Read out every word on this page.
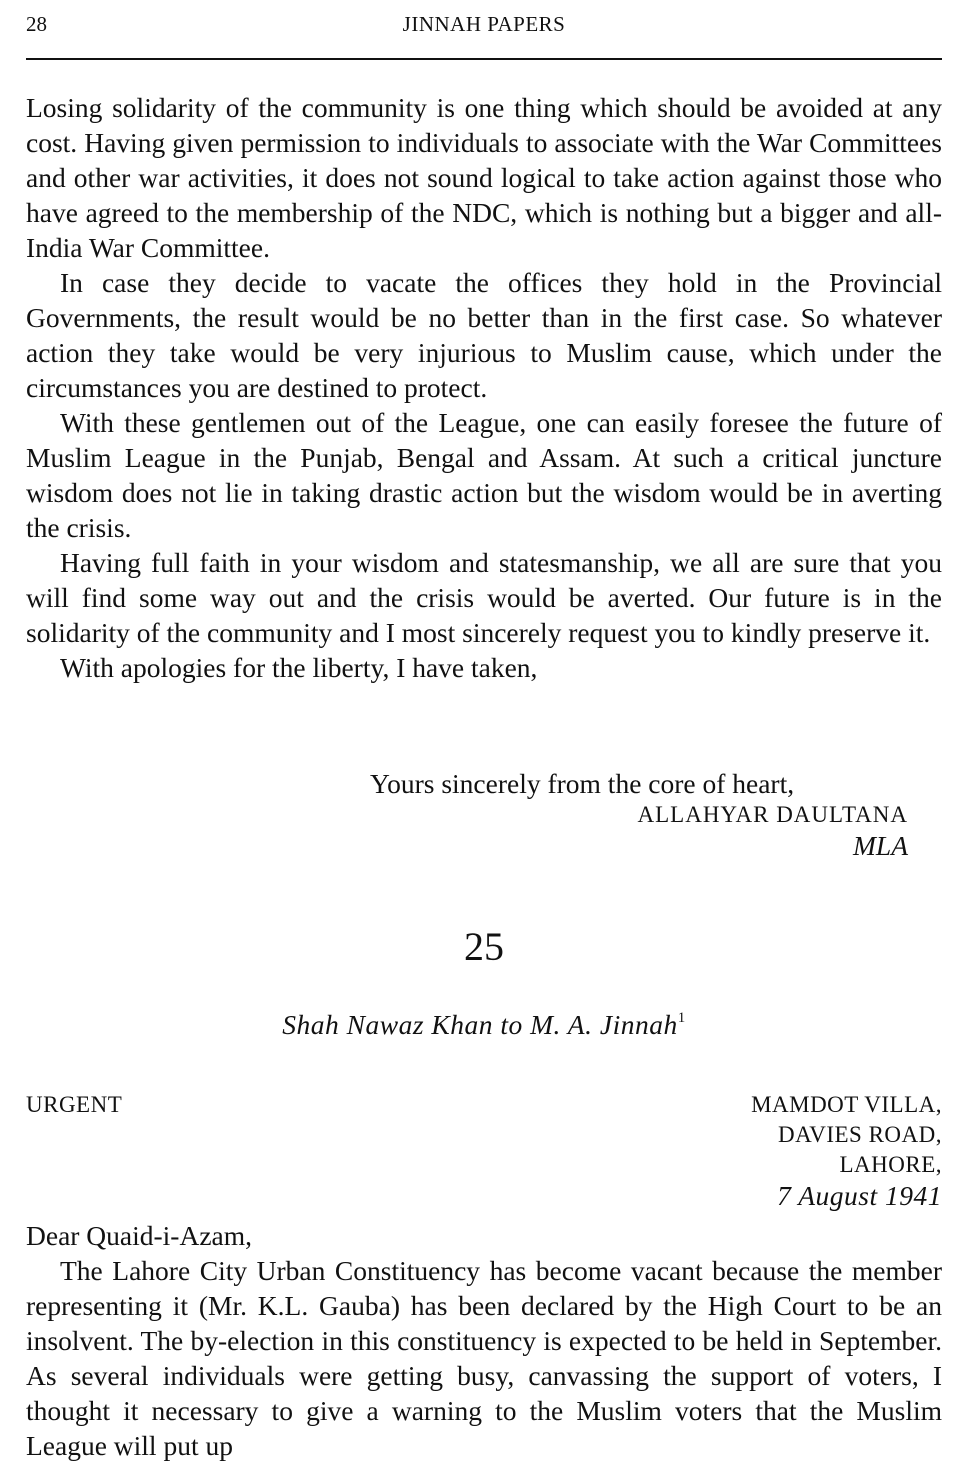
28	JINNAH PAPERS

Losing solidarity of the community is one thing which should be avoided at any cost. Having given permission to individuals to associate with the War Committees and other war activities, it does not sound logical to take action against those who have agreed to the membership of the NDC, which is nothing but a bigger and all-India War Committee.

In case they decide to vacate the offices they hold in the Provincial Governments, the result would be no better than in the first case. So whatever action they take would be very injurious to Muslim cause, which under the circumstances you are destined to protect.

With these gentlemen out of the League, one can easily foresee the future of Muslim League in the Punjab, Bengal and Assam. At such a critical juncture wisdom does not lie in taking drastic action but the wisdom would be in averting the crisis.

Having full faith in your wisdom and statesmanship, we all are sure that you will find some way out and the crisis would be averted. Our future is in the solidarity of the community and I most sincerely request you to kindly preserve it.

With apologies for the liberty, I have taken,

Yours sincerely from the core of heart,
ALLAHYAR DAULTANA
MLA
25
Shah Nawaz Khan to M. A. Jinnah$^1$
URGENT	MAMDOT VILLA,
DAVIES ROAD,
LAHORE,
7 August 1941

Dear Quaid-i-Azam,

The Lahore City Urban Constituency has become vacant because the member representing it (Mr. K.L. Gauba) has been declared by the High Court to be an insolvent. The by-election in this constituency is expected to be held in September. As several individuals were getting busy, canvassing the support of voters, I thought it necessary to give a warning to the Muslim voters that the Muslim League will put up
